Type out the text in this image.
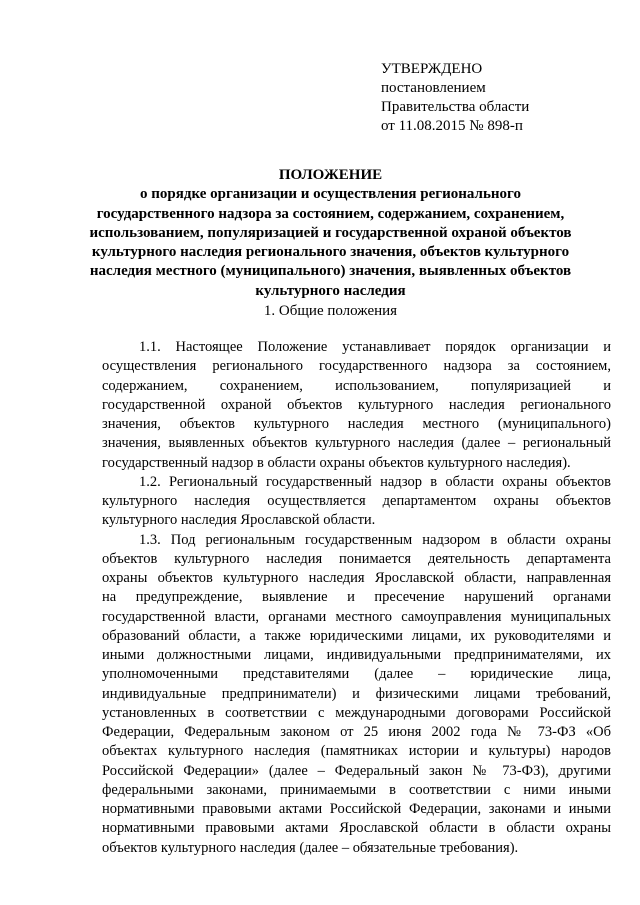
УТВЕРЖДЕНО
постановлением
Правительства области
от 11.08.2015 № 898-п
ПОЛОЖЕНИЕ
о порядке организации и осуществления регионального
государственного надзора за состоянием, содержанием, сохранением,
использованием, популяризацией и государственной охраной объектов
культурного наследия регионального значения, объектов культурного
наследия местного (муниципального) значения, выявленных объектов
культурного наследия
1. Общие положения
1.1. Настоящее Положение устанавливает порядок организации и
осуществления регионального государственного надзора за состоянием,
содержанием, сохранением, использованием, популяризацией и
государственной охраной объектов культурного наследия регионального
значения, объектов культурного наследия местного (муниципального)
значения, выявленных объектов культурного наследия (далее – региональный
государственный надзор в области охраны объектов культурного наследия).
1.2. Региональный государственный надзор в области охраны объектов
культурного наследия осуществляется департаментом охраны объектов
культурного наследия Ярославской области.
1.3. Под региональным государственным надзором в области охраны
объектов культурного наследия понимается деятельность департамента
охраны объектов культурного наследия Ярославской области, направленная
на предупреждение, выявление и пресечение нарушений органами
государственной власти, органами местного самоуправления муниципальных
образований области, а также юридическими лицами, их руководителями и
иными должностными лицами, индивидуальными предпринимателями, их
уполномоченными представителями (далее – юридические лица,
индивидуальные предприниматели) и физическими лицами требований,
установленных в соответствии с международными договорами Российской
Федерации, Федеральным законом от 25 июня 2002 года № 73-ФЗ «Об
объектах культурного наследия (памятниках истории и культуры) народов
Российской Федерации» (далее – Федеральный закон № 73-ФЗ), другими
федеральными законами, принимаемыми в соответствии с ними иными
нормативными правовыми актами Российской Федерации, законами и иными
нормативными правовыми актами Ярославской области в области охраны
объектов культурного наследия (далее – обязательные требования).
